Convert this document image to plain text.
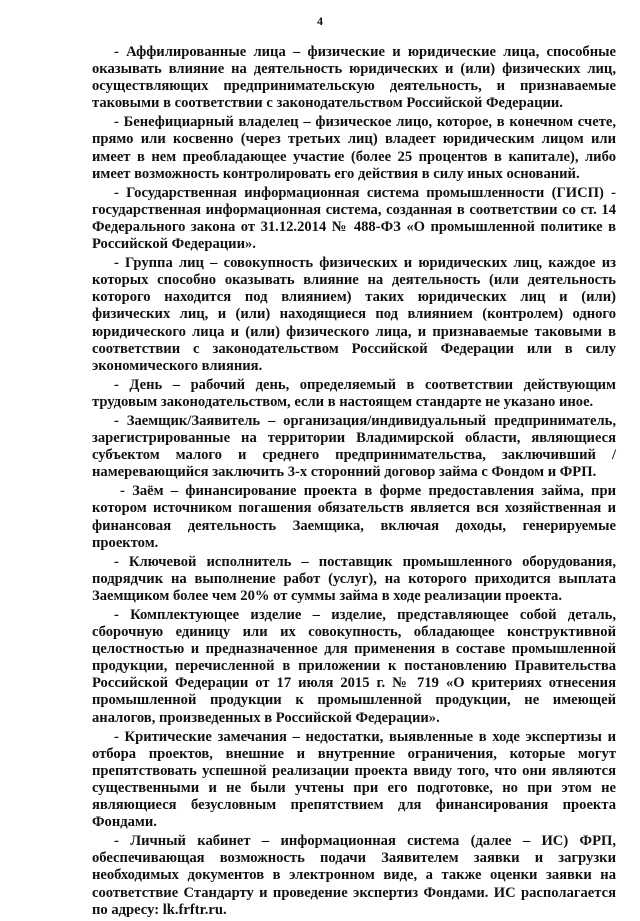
4

- Аффилированные лица – физические и юридические лица, способные оказывать влияние на деятельность юридических и (или) физических лиц, осуществляющих предпринимательскую деятельность, и признаваемые таковыми в соответствии с законодательством Российской Федерации.

- Бенефициарный владелец – физическое лицо, которое, в конечном счете, прямо или косвенно (через третьих лиц) владеет юридическим лицом или имеет в нем преобладающее участие (более 25 процентов в капитале), либо имеет возможность контролировать его действия в силу иных оснований.

- Государственная информационная система промышленности (ГИСП) - государственная информационная система, созданная в соответствии со ст. 14 Федерального закона от 31.12.2014 № 488-ФЗ «О промышленной политике в Российской Федерации».

- Группа лиц – совокупность физических и юридических лиц, каждое из которых способно оказывать влияние на деятельность (или деятельность которого находится под влиянием) таких юридических лиц и (или) физических лиц, и (или) находящиеся под влиянием (контролем) одного юридического лица и (или) физического лица, и признаваемые таковыми в соответствии с законодательством Российской Федерации или в силу экономического влияния.

- День – рабочий день, определяемый в соответствии действующим трудовым законодательством, если в настоящем стандарте не указано иное.

- Заемщик/Заявитель – организация/индивидуальный предприниматель, зарегистрированные на территории Владимирской области, являющиеся субъектом малого и среднего предпринимательства, заключивший / намеревающийся заключить 3-х сторонний договор займа с Фондом и ФРП.

- Заём – финансирование проекта в форме предоставления займа, при котором источником погашения обязательств является вся хозяйственная и финансовая деятельность Заемщика, включая доходы, генерируемые проектом.

- Ключевой исполнитель – поставщик промышленного оборудования, подрядчик на выполнение работ (услуг), на которого приходится выплата Заемщиком более чем 20% от суммы займа в ходе реализации проекта.

- Комплектующее изделие – изделие, представляющее собой деталь, сборочную единицу или их совокупность, обладающее конструктивной целостностью и предназначенное для применения в составе промышленной продукции, перечисленной в приложении к постановлению Правительства Российской Федерации от 17 июля 2015 г. № 719 «О критериях отнесения промышленной продукции к промышленной продукции, не имеющей аналогов, произведенных в Российской Федерации».

- Критические замечания – недостатки, выявленные в ходе экспертизы и отбора проектов, внешние и внутренние ограничения, которые могут препятствовать успешной реализации проекта ввиду того, что они являются существенными и не были учтены при его подготовке, но при этом не являющиеся безусловным препятствием для финансирования проекта Фондами.

- Личный кабинет – информационная система (далее – ИС) ФРП, обеспечивающая возможность подачи Заявителем заявки и загрузки необходимых документов в электронном виде, а также оценки заявки на соответствие Стандарту и проведение экспертиз Фондами. ИС располагается по адресу: lk.frftr.ru.
